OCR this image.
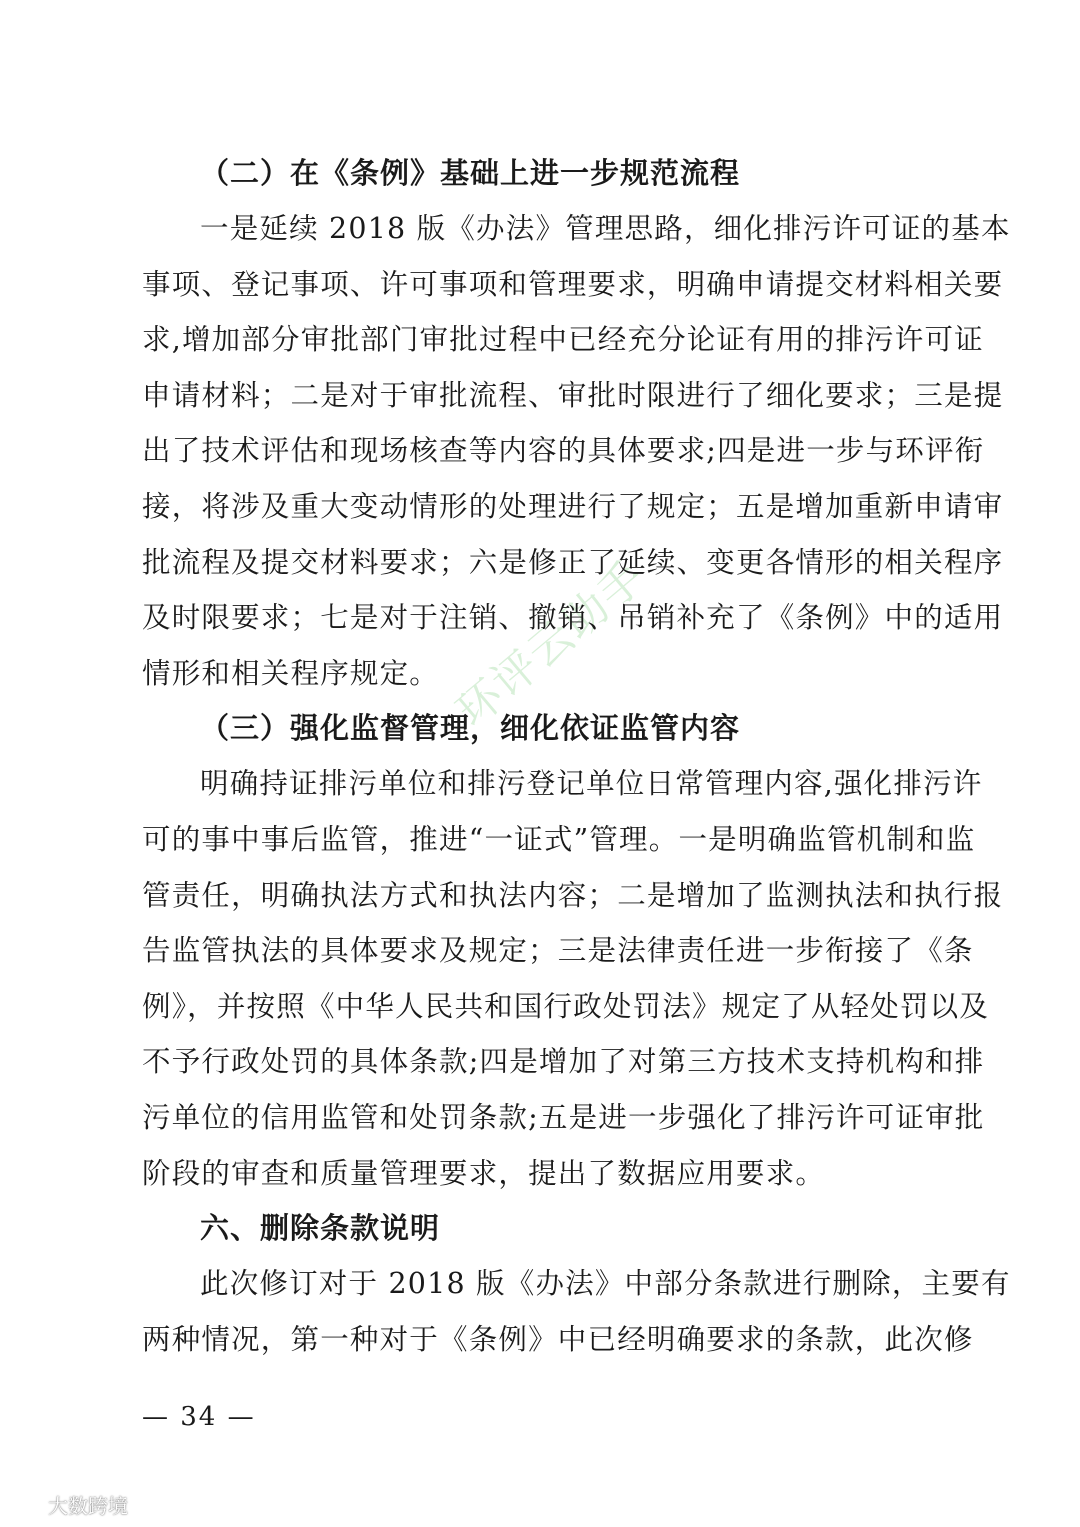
环评云助手
（二）在《条例》基础上进一步规范流程
一是延续 2018 版《办法》管理思路，细化排污许可证的基本
事项、登记事项、许可事项和管理要求，明确申请提交材料相关要
求,增加部分审批部门审批过程中已经充分论证有用的排污许可证
申请材料；二是对于审批流程、审批时限进行了细化要求；三是提
出了技术评估和现场核查等内容的具体要求;四是进一步与环评衔
接，将涉及重大变动情形的处理进行了规定；五是增加重新申请审
批流程及提交材料要求；六是修正了延续、变更各情形的相关程序
及时限要求；七是对于注销、撤销、吊销补充了《条例》中的适用
情形和相关程序规定。
（三）强化监督管理，细化依证监管内容
明确持证排污单位和排污登记单位日常管理内容,强化排污许
可的事中事后监管，推进“一证式”管理。一是明确监管机制和监
管责任，明确执法方式和执法内容；二是增加了监测执法和执行报
告监管执法的具体要求及规定；三是法律责任进一步衔接了《条
例》，并按照《中华人民共和国行政处罚法》规定了从轻处罚以及
不予行政处罚的具体条款;四是增加了对第三方技术支持机构和排
污单位的信用监管和处罚条款;五是进一步强化了排污许可证审批
阶段的审查和质量管理要求，提出了数据应用要求。
六、删除条款说明
此次修订对于 2018 版《办法》中部分条款进行删除，主要有
两种情况，第一种对于《条例》中已经明确要求的条款，此次修
— 34 —
大数跨境
